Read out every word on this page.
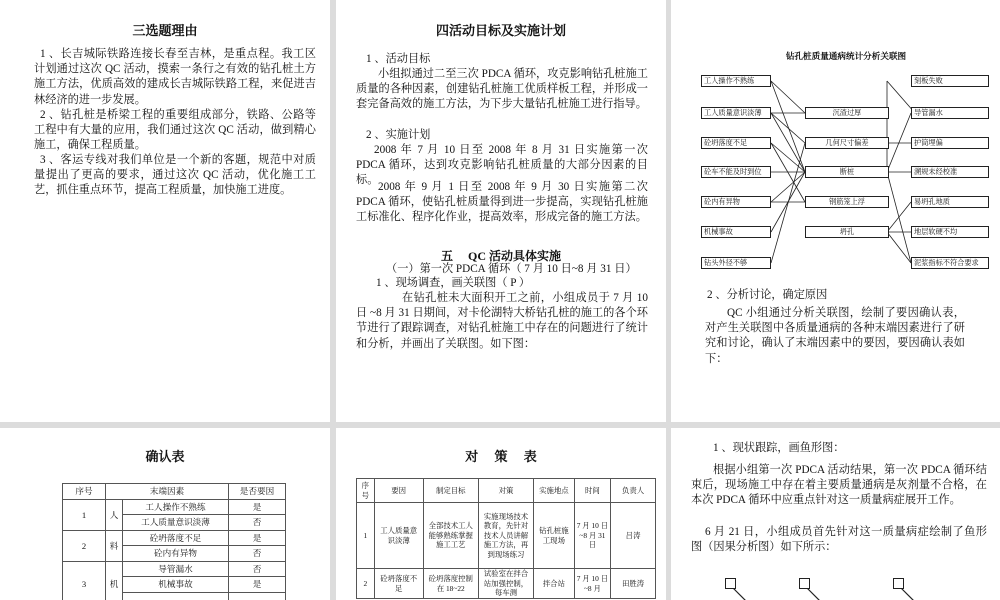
三选题理由

1 、长吉城际铁路连接长春至吉林，是重点程。我工区计划通过这次 QC 活动，摸索一条行之有效的钻孔桩土方施工方法，优质高效的建成长吉城际铁路工程，来促进吉林经济的进一步发展。

2 、钻孔桩是桥梁工程的重要组成部分，铁路、公路等工程中有大量的应用，我们通过这次 QC 活动，做到精心施工，确保工程质量。

3 、客运专线对我们单位是一个新的客题，规范中对质量提出了更高的要求，通过这次 QC 活动，优化施工工艺，抓住重点环节，提高工程质量，加快施工进度。

四活动目标及实施计划

1 、活动目标

小组拟通过二至三次 PDCA 循环，攻克影响钻孔桩施工质量的各种因素，创建钻孔桩施工优质样板工程，并形成一套完备高效的施工方法，为下步大量钻孔桩施工进行指导。

2 、实施计划

2008 年 7 月 10 日至 2008 年 8 月 31 日实施第一次 PDCA 循环，达到攻克影响钻孔桩质量的大部分因素的目标。

2008 年 9 月 1 日至 2008 年 9 月 30 日实施第二次 PDCA 循环，使钻孔桩质量得到进一步提高，实现钻孔桩施工标准化、程序化作业，提高效率，形成完备的施工方法。

五　 QC 活动具体实施

（一）第一次 PDCA 循环（ 7 月 10 日~8 月 31 日）

1 、现场调查，画关联图（ P ）

在钻孔桩未大面积开工之前，小组成员于 7 月 10 日 ~8 月 31 日期间，对卡伦湖特大桥钻孔桩的施工的各个环节进行了跟踪调查，对钻孔桩施工中存在的问题进行了统计和分析，并画出了关联图。如下图：

钻孔桩质量通病统计分析关联图
工人操作不熟练
工人质量意识淡薄
砼坍落度不足
砼车不能及时到位
砼内有异物
机械事故
钻头外径不够
沉渣过厚
几何尺寸偏差
断桩
钢筋笼上浮
坍孔
刻板失败
导管漏水
护筒埋偏
溯规未经校准
易坍孔地质
地层软硬不均
泥浆指标不符合要求

2 、分析讨论，确定原因

QC 小组通过分析关联图，绘制了要因确认表，对产生关联图中各质量通病的各种末端因素进行了研究和讨论，确认了末端因素中的要因，要因确认表如下：

确认表
序号	末端因素		是否要因
1	人	工人操作不熟练	是
		工人质量意识淡薄	否
2	料	砼坍落度不足	是
		砼内有异物	否
3	机	导管漏水	否
		机械事故	是

对　 策　 表
序号	要因	制定目标	对策	实施地点	时间	负责人
1	工人质量意识淡薄	全部技术工人能够熟练掌握施工工艺	实施现场技术教育，先针对技术人员讲解施工方法，再到现场练习	钻孔桩施工现场	7 月 10 日 ~8 月 31 日	吕涛
2	砼坍落度不足	砼坍落度控制在 18~22	试验室在拌合站加强控制，每车测	拌合站	7 月 10 日 ~8 月	田胜涛

1 、现状跟踪，画鱼形图：

根据小组第一次 PDCA 活动结果，第一次 PDCA 循环结束后，现场施工中存在着主要质量通病是灰剂量不合格，在本次 PDCA 循环中应重点针对这一质量病症展开工作。

6 月 21 日，小组成员首先针对这一质量病症绘制了鱼形图（因果分析图）如下所示：
